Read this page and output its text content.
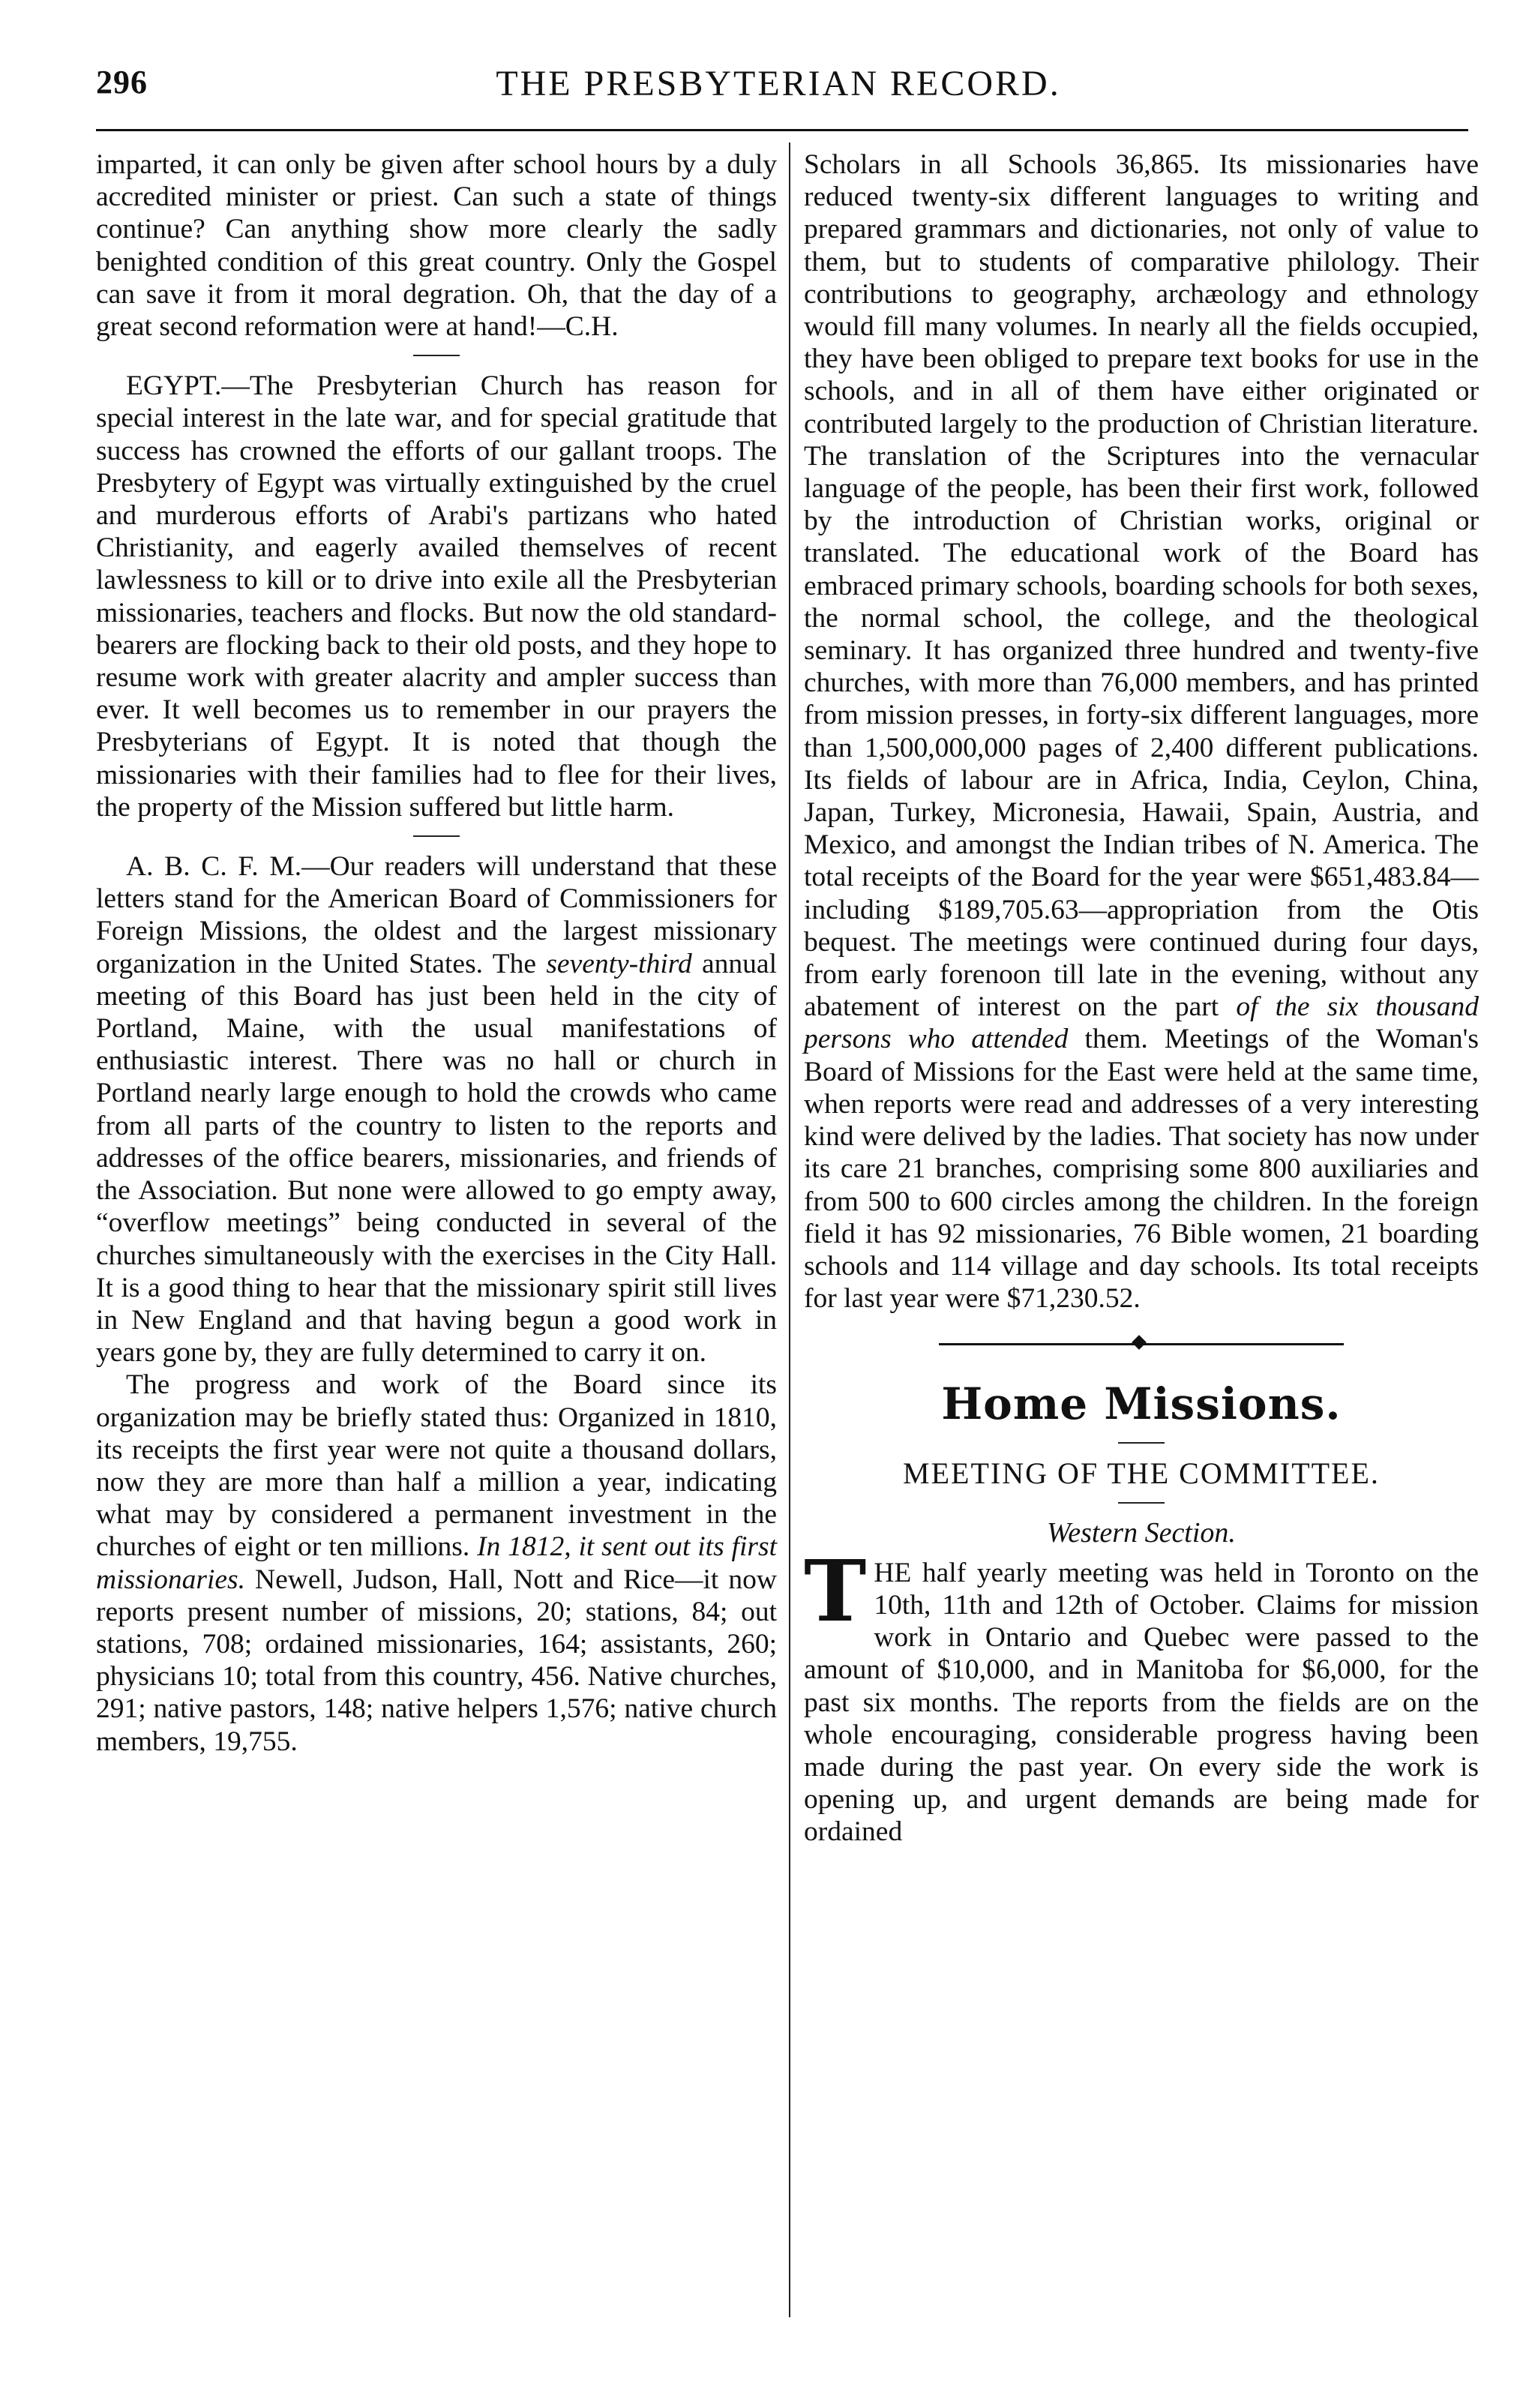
296	THE PRESBYTERIAN RECORD.

imparted, it can only be given after school hours by a duly accredited minister or priest. Can such a state of things continue? Can anything show more clearly the sadly benighted condition of this great country. Only the Gospel can save it from it moral degration. Oh, that the day of a great second reformation were at hand!—C.H.

EGYPT.—The Presbyterian Church has reason for special interest in the late war, and for special gratitude that success has crowned the efforts of our gallant troops. The Presbytery of Egypt was virtually extinguished by the cruel and murderous efforts of Arabi's partizans who hated Christianity, and eagerly availed themselves of recent lawlessness to kill or to drive into exile all the Presbyterian missionaries, teachers and flocks. But now the old standard-bearers are flocking back to their old posts, and they hope to resume work with greater alacrity and ampler success than ever. It well becomes us to remember in our prayers the Presbyterians of Egypt. It is noted that though the missionaries with their families had to flee for their lives, the property of the Mission suffered but little harm.

A. B. C. F. M.—Our readers will understand that these letters stand for the American Board of Commissioners for Foreign Missions, the oldest and the largest missionary organization in the United States. The seventy-third annual meeting of this Board has just been held in the city of Portland, Maine, with the usual manifestations of enthusiastic interest. There was no hall or church in Portland nearly large enough to hold the crowds who came from all parts of the country to listen to the reports and addresses of the office bearers, missionaries, and friends of the Association. But none were allowed to go empty away, “overflow meetings” being conducted in several of the churches simultaneously with the exercises in the City Hall. It is a good thing to hear that the missionary spirit still lives in New England and that having begun a good work in years gone by, they are fully determined to carry it on.

The progress and work of the Board since its organization may be briefly stated thus: Organized in 1810, its receipts the first year were not quite a thousand dollars, now they are more than half a million a year, indicating what may by considered a permanent investment in the churches of eight or ten millions. In 1812, it sent out its first missionaries. Newell, Judson, Hall, Nott and Rice—it now reports present number of missions, 20; stations, 84; out stations, 708; ordained missionaries, 164; assistants, 260; physicians 10; total from this country, 456. Native churches, 291; native pastors, 148; native helpers 1,576; native church members, 19,755.

Scholars in all Schools 36,865. Its missionaries have reduced twenty-six different languages to writing and prepared grammars and dictionaries, not only of value to them, but to students of comparative philology. Their contributions to geography, archæology and ethnology would fill many volumes. In nearly all the fields occupied, they have been obliged to prepare text books for use in the schools, and in all of them have either originated or contributed largely to the production of Christian literature. The translation of the Scriptures into the vernacular language of the people, has been their first work, followed by the introduction of Christian works, original or translated. The educational work of the Board has embraced primary schools, boarding schools for both sexes, the normal school, the college, and the theological seminary. It has organized three hundred and twenty-five churches, with more than 76,000 members, and has printed from mission presses, in forty-six different languages, more than 1,500,000,000 pages of 2,400 different publications. Its fields of labour are in Africa, India, Ceylon, China, Japan, Turkey, Micronesia, Hawaii, Spain, Austria, and Mexico, and amongst the Indian tribes of N. America. The total receipts of the Board for the year were $651,483.84—including $189,705.63—appropriation from the Otis bequest. The meetings were continued during four days, from early forenoon till late in the evening, without any abatement of interest on the part of the six thousand persons who attended them. Meetings of the Woman's Board of Missions for the East were held at the same time, when reports were read and addresses of a very interesting kind were delived by the ladies. That society has now under its care 21 branches, comprising some 800 auxiliaries and from 500 to 600 circles among the children. In the foreign field it has 92 missionaries, 76 Bible women, 21 boarding schools and 114 village and day schools. Its total receipts for last year were $71,230.52.

Home Missions.
MEETING OF THE COMMITTEE.
Western Section.

THE half yearly meeting was held in Toronto on the 10th, 11th and 12th of October. Claims for mission work in Ontario and Quebec were passed to the amount of $10,000, and in Manitoba for $6,000, for the past six months. The reports from the fields are on the whole encouraging, considerable progress having been made during the past year. On every side the work is opening up, and urgent demands are being made for ordained
